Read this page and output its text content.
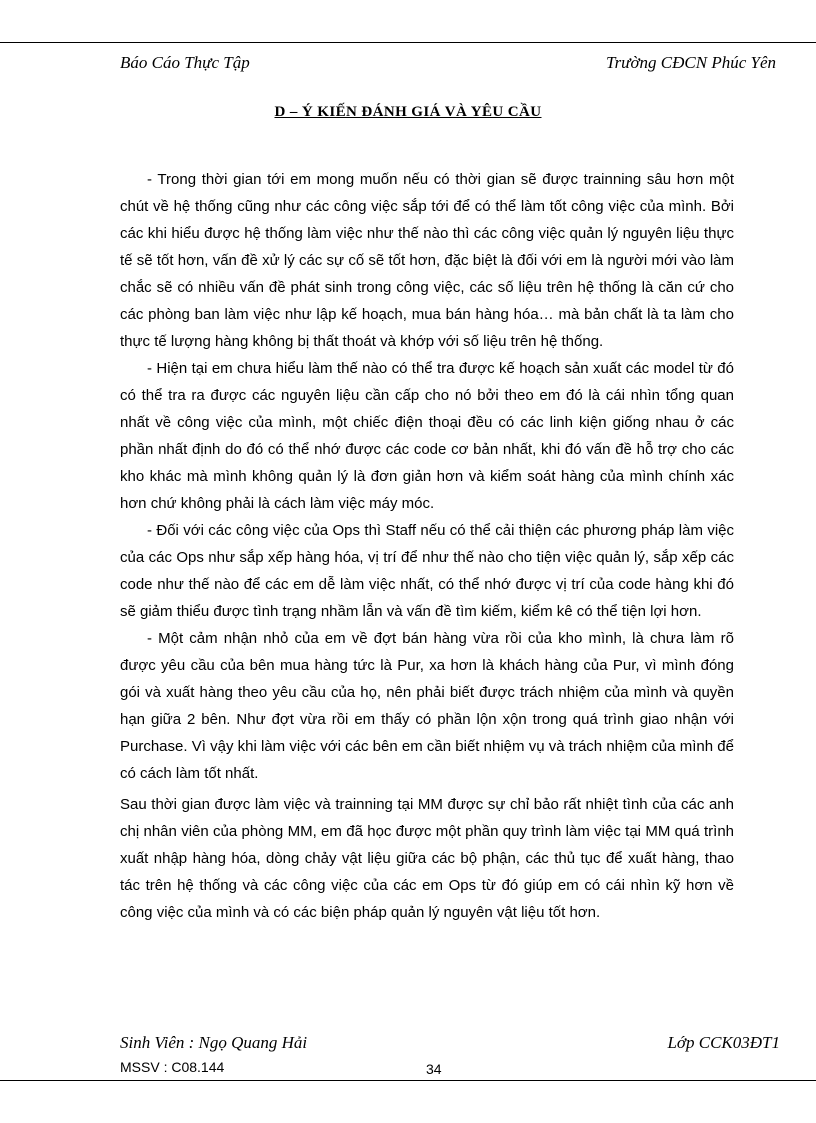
Báo Cáo Thực Tập	Trường CĐCN Phúc Yên
D – Ý KIẾN ĐÁNH GIÁ VÀ YÊU CẦU

- Trong thời gian tới em mong muốn nếu có thời gian sẽ được trainning sâu hơn một chút về hệ thống cũng như các công việc sắp tới để có thể làm tốt công việc của mình. Bởi các khi hiểu được hệ thống làm việc như thế nào thì các công việc quản lý nguyên liệu thực tế sẽ tốt hơn, vấn đề xử lý các sự cố sẽ tốt hơn, đặc biệt là đối với em là người mới vào làm chắc sẽ có nhiều vấn đề phát sinh trong công việc, các số liệu trên hệ thống là căn cứ cho các phòng ban làm việc như lập kế hoạch, mua bán hàng hóa… mà bản chất là ta làm cho thực tế lượng hàng không bị thất thoát và khớp với số liệu trên hệ thống.

- Hiện tại em chưa hiểu làm thế nào có thể tra được kế hoạch sản xuất các model từ đó có thể tra ra được các nguyên liệu cần cấp cho nó bởi theo em đó là cái nhìn tổng quan nhất về công việc của mình, một chiếc điện thoại đều có các linh kiện giống nhau ở các phần nhất định do đó có thể nhớ được các code cơ bản nhất, khi đó vấn đề hỗ trợ cho các kho khác mà mình không quản lý là đơn giản hơn và kiểm soát hàng của mình chính xác hơn chứ không phải là cách làm việc máy móc.

- Đối với các công việc của Ops thì Staff nếu có thể cải thiện các phương pháp làm việc của các Ops như sắp xếp hàng hóa, vị trí để như thế nào cho tiện việc quản lý, sắp xếp các code như thế nào để các em dễ làm việc nhất, có thể nhớ được vị trí của code hàng khi đó sẽ giảm thiểu được tình trạng nhầm lẫn và vấn đề tìm kiếm, kiểm kê có thể tiện lợi hơn.

- Một cảm nhận nhỏ của em về đợt bán hàng vừa rồi của kho mình, là chưa làm rõ được yêu cầu của bên mua hàng tức là Pur, xa hơn là khách hàng của Pur, vì mình đóng gói và xuất hàng theo yêu cầu của họ, nên phải biết được trách nhiệm của mình và quyền hạn giữa 2 bên. Như đợt vừa rồi em thấy có phần lộn xộn trong quá trình giao nhận với Purchase. Vì vậy khi làm việc với các bên em cần biết nhiệm vụ và trách nhiệm của mình để có cách làm tốt nhất.

Sau thời gian được làm việc và trainning tại MM được sự chỉ bảo rất nhiệt tình của các anh chị nhân viên của phòng MM, em đã học được một phần quy trình làm việc tại MM quá trình xuất nhập hàng hóa, dòng chảy vật liệu giữa các bộ phận, các thủ tục để xuất hàng, thao tác trên hệ thống và các công việc của các em Ops từ đó giúp em có cái nhìn kỹ hơn về công việc của mình và có các biện pháp quản lý nguyên vật liệu tốt hơn.

Sinh Viên : Ngọ Quang Hải	Lớp CCK03ĐT1
MSSV : C08.144	34
